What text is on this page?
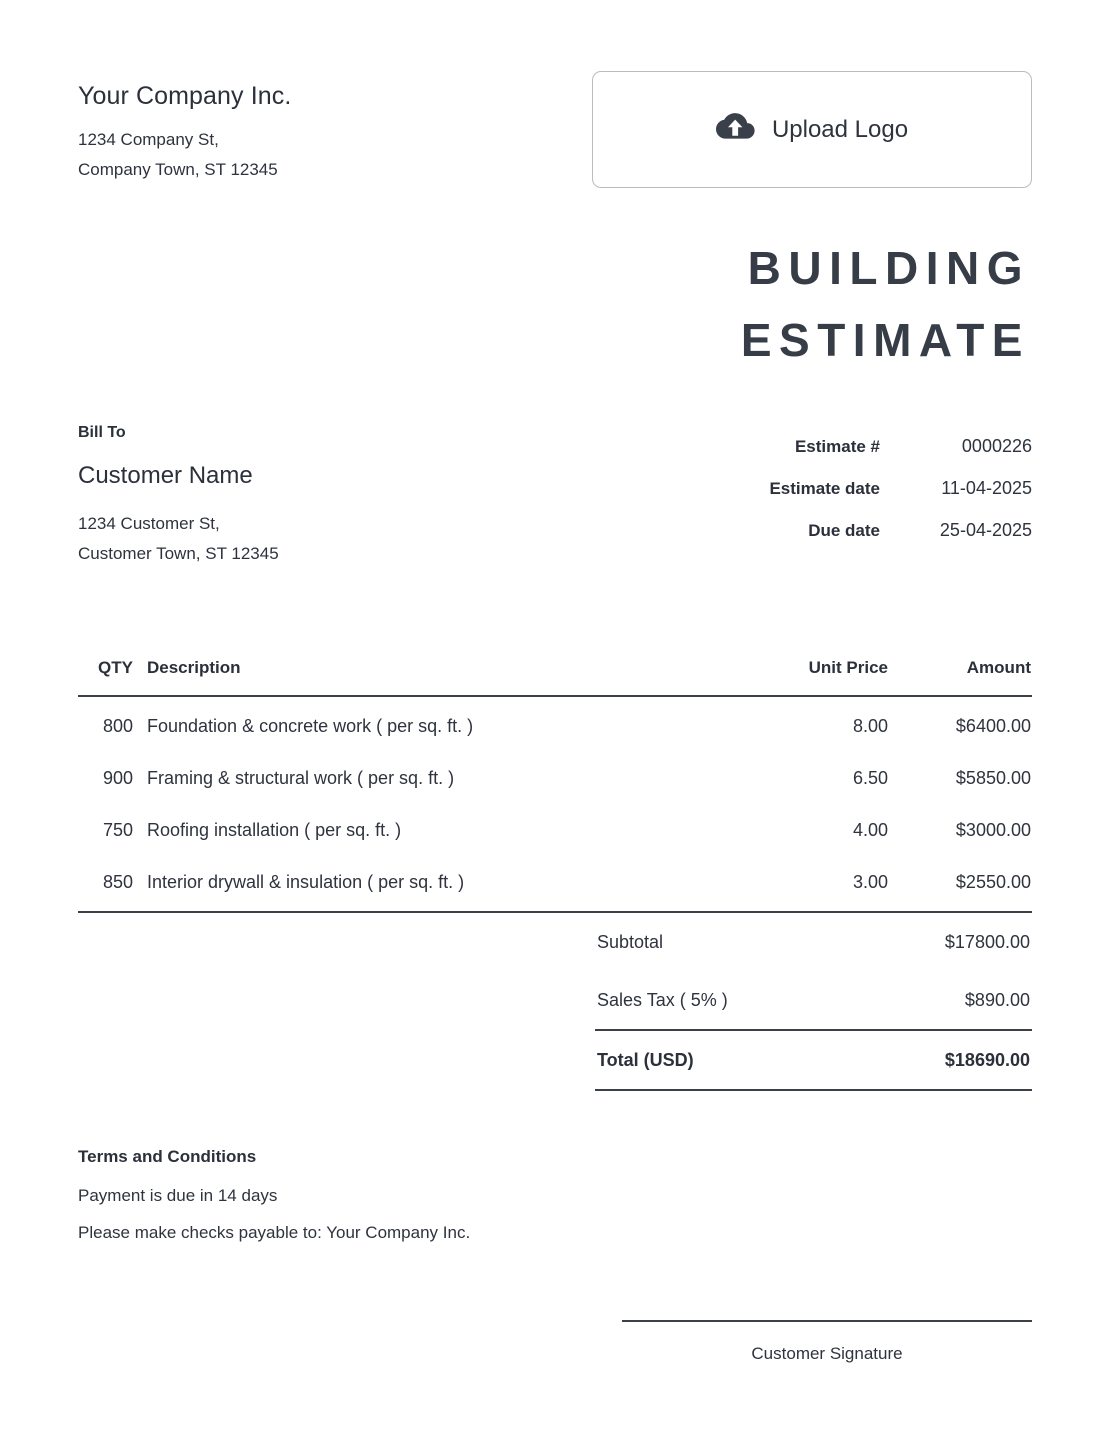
Your Company Inc.
1234 Company St,
Company Town, ST 12345
Upload Logo
BUILDING
ESTIMATE
Bill To
Customer Name
1234 Customer St,
Customer Town, ST 12345
Estimate #	0000226
Estimate date	11-04-2025
Due date	25-04-2025
QTY	Description	Unit Price	Amount
800	Foundation & concrete work ( per sq. ft. )	8.00	$6400.00
900	Framing & structural work ( per sq. ft. )	6.50	$5850.00
750	Roofing installation ( per sq. ft. )	4.00	$3000.00
850	Interior drywall & insulation ( per sq. ft. )	3.00	$2550.00
Subtotal	$17800.00
Sales Tax ( 5% )	$890.00
Total (USD)	$18690.00
Terms and Conditions
Payment is due in 14 days
Please make checks payable to: Your Company Inc.
Customer Signature
